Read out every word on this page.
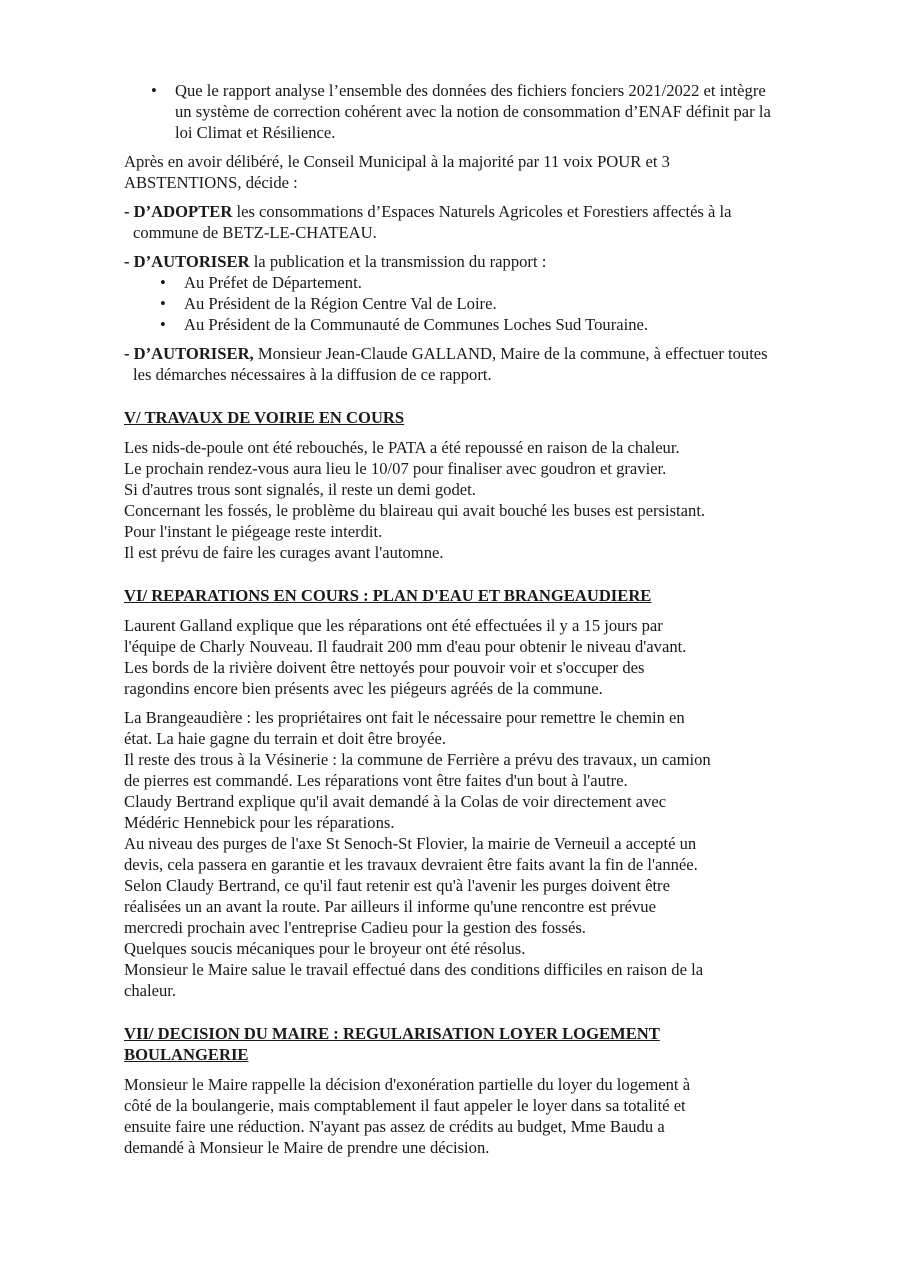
• Que le rapport analyse l’ensemble des données des fichiers fonciers 2021/2022 et intègre un système de correction cohérent avec la notion de consommation d’ENAF définit par la loi Climat et Résilience.

Après en avoir délibéré, le Conseil Municipal à la majorité par 11 voix POUR et 3 ABSTENTIONS, décide :

- D’ADOPTER les consommations d’Espaces Naturels Agricoles et Forestiers affectés à la commune de BETZ-LE-CHATEAU.
- D’AUTORISER la publication et la transmission du rapport :
• Au Préfet de Département.
• Au Président de la Région Centre Val de Loire.
• Au Président de la Communauté de Communes Loches Sud Touraine.
- D’AUTORISER, Monsieur Jean-Claude GALLAND, Maire de la commune, à effectuer toutes les démarches nécessaires à la diffusion de ce rapport.
V/ TRAVAUX DE VOIRIE EN COURS
Les nids-de-poule ont été rebouchés, le PATA a été repoussé en raison de la chaleur.
Le prochain rendez-vous aura lieu le 10/07 pour finaliser avec goudron et gravier.
Si d'autres trous sont signalés, il reste un demi godet.
Concernant les fossés, le problème du blaireau qui avait bouché les buses est persistant.
Pour l'instant le piégeage reste interdit.
Il est prévu de faire les curages avant l'automne.
VI/ REPARATIONS EN COURS : PLAN D'EAU ET BRANGEAUDIERE
Laurent Galland explique que les réparations ont été effectuées il y a 15 jours par
l'équipe de Charly Nouveau. Il faudrait 200 mm d'eau pour obtenir le niveau d'avant.
Les bords de la rivière doivent être nettoyés pour pouvoir voir et s'occuper des
ragondins encore bien présents avec les piégeurs agréés de la commune.
La Brangeaudière : les propriétaires ont fait le nécessaire pour remettre le chemin en
état. La haie gagne du terrain et doit être broyée.
Il reste des trous à la Vésinerie : la commune de Ferrière a prévu des travaux, un camion
de pierres est commandé. Les réparations vont être faites d'un bout à l'autre.
Claudy Bertrand explique qu'il avait demandé à la Colas de voir directement avec
Médéric Hennebick pour les réparations.
Au niveau des purges de l'axe St Senoch-St Flovier, la mairie de Verneuil a accepté un
devis, cela passera en garantie et les travaux devraient être faits avant la fin de l'année.
Selon Claudy Bertrand, ce qu'il faut retenir est qu'à l'avenir les purges doivent être
réalisées un an avant la route. Par ailleurs il informe qu'une rencontre est prévue
mercredi prochain avec l'entreprise Cadieu pour la gestion des fossés.
Quelques soucis mécaniques pour le broyeur ont été résolus.
Monsieur le Maire salue le travail effectué dans des conditions difficiles en raison de la
chaleur.
VII/ DECISION DU MAIRE : REGULARISATION LOYER LOGEMENT
BOULANGERIE
Monsieur le Maire rappelle la décision d'exonération partielle du loyer du logement à
côté de la boulangerie, mais comptablement il faut appeler le loyer dans sa totalité et
ensuite faire une réduction. N'ayant pas assez de crédits au budget, Mme Baudu a
demandé à Monsieur le Maire de prendre une décision.
